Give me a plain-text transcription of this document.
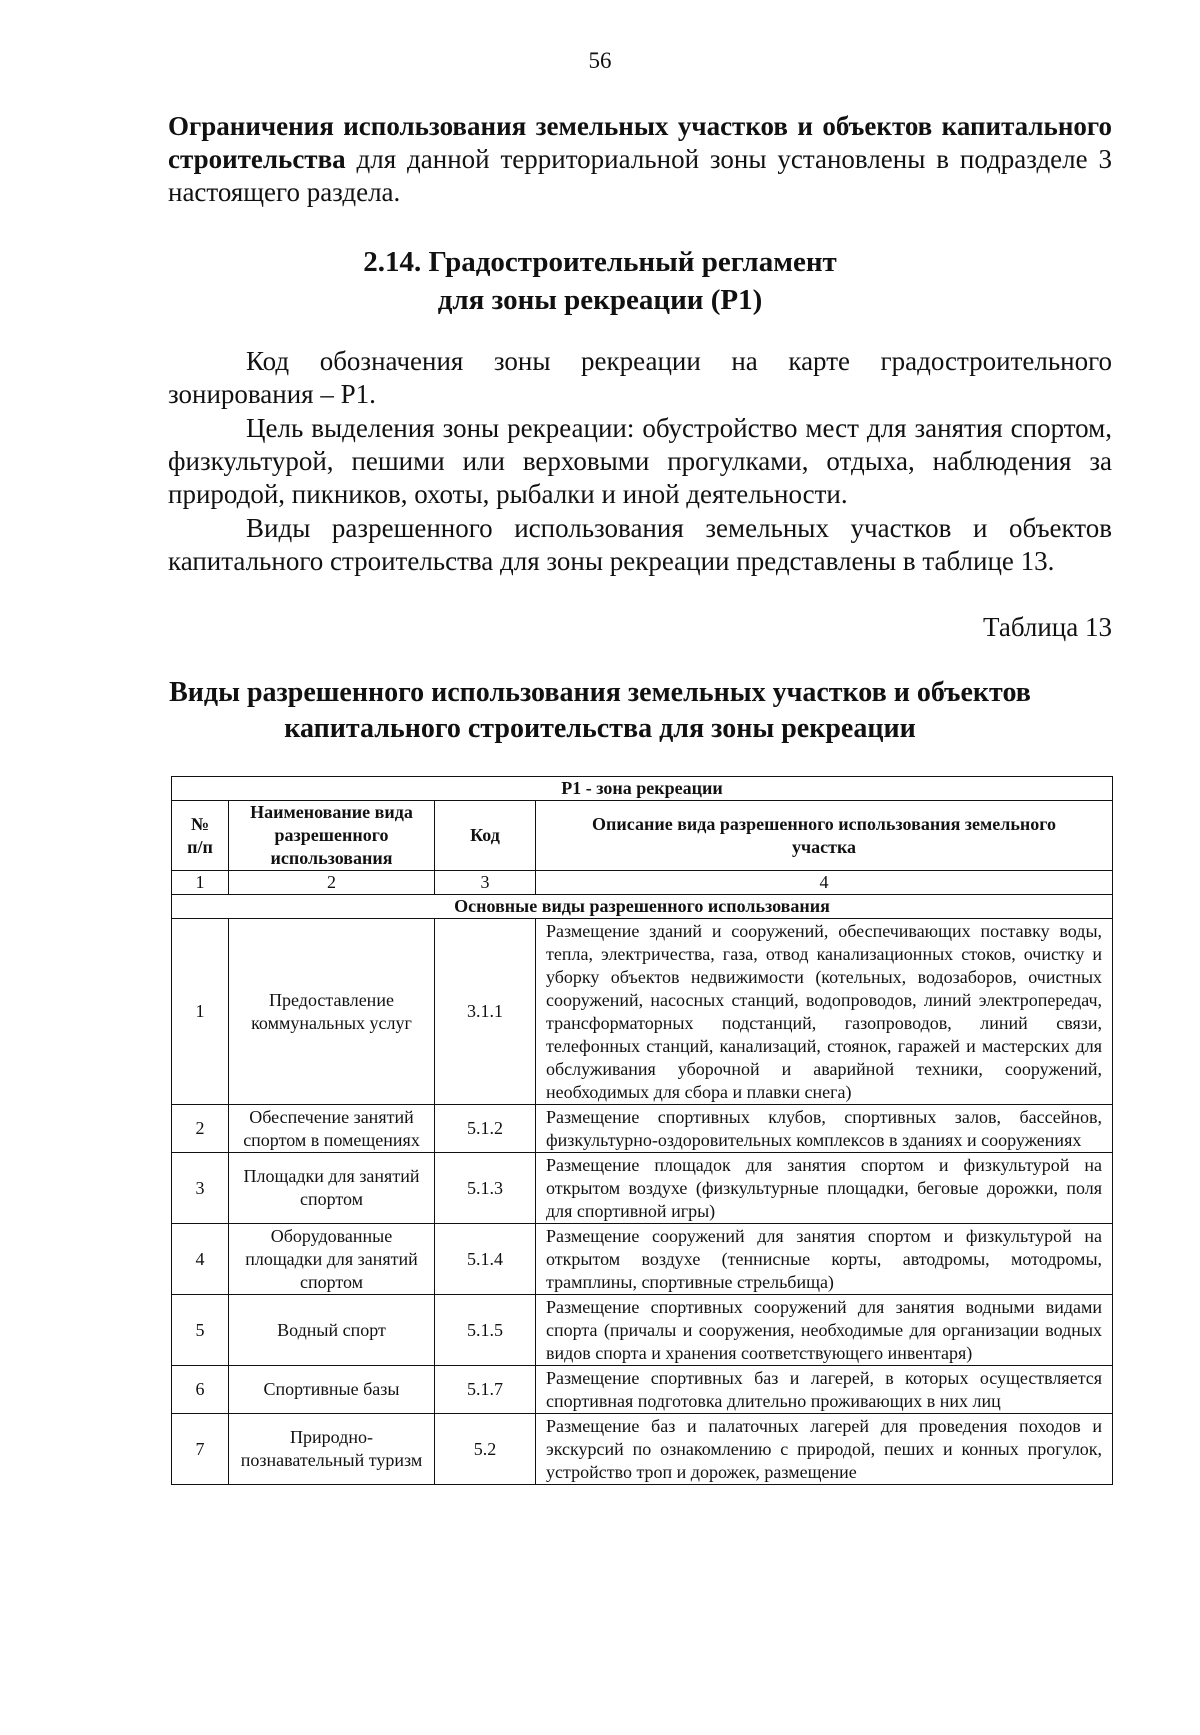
56
Ограничения использования земельных участков и объектов капитального строительства для данной территориальной зоны установлены в подразделе 3 настоящего раздела.
2.14. Градостроительный регламент
для зоны рекреации (Р1)
Код обозначения зоны рекреации на карте градостроительного зонирования – Р1.
Цель выделения зоны рекреации: обустройство мест для занятия спортом, физкультурой, пешими или верховыми прогулками, отдыха, наблюдения за природой, пикников, охоты, рыбалки и иной деятельности.
Виды разрешенного использования земельных участков и объектов капитального строительства для зоны рекреации представлены в таблице 13.
Таблица 13
Виды разрешенного использования земельных участков и объектов
капитального строительства для зоны рекреации
Р1 - зона рекреации			
№ п/п	Наименование вида разрешенного использования	Код	Описание вида разрешенного использования земельного участка
1	2	3	4
Основные виды разрешенного использования			
1	Предоставление коммунальных услуг	3.1.1	Размещение зданий и сооружений, обеспечивающих поставку воды, тепла, электричества, газа, отвод канализационных стоков, очистку и уборку объектов недвижимости (котельных, водозаборов, очистных сооружений, насосных станций, водопроводов, линий электропередач, трансформаторных подстанций, газопроводов, линий связи, телефонных станций, канализаций, стоянок, гаражей и мастерских для обслуживания уборочной и аварийной техники, сооружений, необходимых для сбора и плавки снега)
2	Обеспечение занятий спортом в помещениях	5.1.2	Размещение спортивных клубов, спортивных залов, бассейнов, физкультурно-оздоровительных комплексов в зданиях и сооружениях
3	Площадки для занятий спортом	5.1.3	Размещение площадок для занятия спортом и физкультурой на открытом воздухе (физкультурные площадки, беговые дорожки, поля для спортивной игры)
4	Оборудованные площадки для занятий спортом	5.1.4	Размещение сооружений для занятия спортом и физкультурой на открытом воздухе (теннисные корты, автодромы, мотодромы, трамплины, спортивные стрельбища)
5	Водный спорт	5.1.5	Размещение спортивных сооружений для занятия водными видами спорта (причалы и сооружения, необходимые для организации водных видов спорта и хранения соответствующего инвентаря)
6	Спортивные базы	5.1.7	Размещение спортивных баз и лагерей, в которых осуществляется спортивная подготовка длительно проживающих в них лиц
7	Природно-познавательный туризм	5.2	Размещение баз и палаточных лагерей для проведения походов и экскурсий по ознакомлению с природой, пеших и конных прогулок, устройство троп и дорожек, размещение
